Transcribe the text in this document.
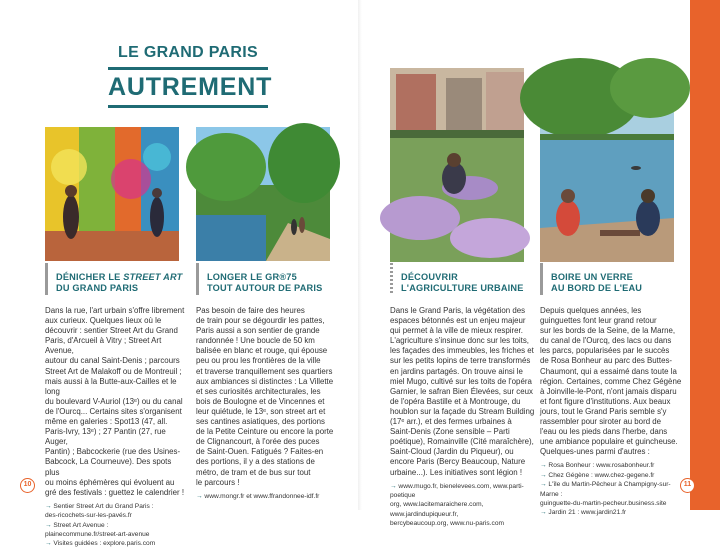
LE GRAND PARIS
AUTREMENT
DÉNICHER LE STREET ART
DU GRAND PARIS
LONGER LE GR®75
TOUT AUTOUR DE PARIS
DÉCOUVRIR
L'AGRICULTURE URBAINE
BOIRE UN VERRE
AU BORD DE L'EAU
Dans la rue, l'art urbain s'offre librement
aux curieux. Quelques lieux où le
découvrir : sentier Street Art du Grand
Paris, d'Arcueil à Vitry ; Street Art Avenue,
autour du canal Saint-Denis ; parcours
Street Art de Malakoff ou de Montreuil ;
mais aussi à la Butte-aux-Cailles et le long
du boulevard V-Auriol (13ᵉ) ou du canal
de l'Ourcq... Certains sites s'organisent
même en galeries : Spot13 (47, all.
Paris-Ivry, 13ᵉ) ; 27 Pantin (27, rue Auger,
Pantin) ; Babcockerie (rue des Usines-
Babcock, La Courneuve). Des spots plus
ou moins éphémères qui évoluent au
gré des festivals : guettez le calendrier !
→ Sentier Street Art du Grand Paris :
des-ricochets-sur-les-pavés.fr
→ Street Art Avenue :
plainecommune.fr/street-art-avenue
→ Visites guidées : explore.paris.com
Pas besoin de faire des heures
de train pour se dégourdir les pattes,
Paris aussi a son sentier de grande
randonnée ! Une boucle de 50 km
balisée en blanc et rouge, qui épouse
peu ou prou les frontières de la ville
et traverse tranquillement ses quartiers
aux ambiances si distinctes : La Villette
et ses curiosités architecturales, les
bois de Boulogne et de Vincennes et
leur quiétude, le 13ᵉ, son street art et
ses cantines asiatiques, des portions
de la Petite Ceinture ou encore la porte
de Clignancourt, à l'orée des puces
de Saint-Ouen. Fatigués ? Faites-en
des portions, il y a des stations de
métro, de tram et de bus sur tout
le parcours !
→ www.mongr.fr et www.ffrandonnee-idf.fr
Dans le Grand Paris, la végétation des
espaces bétonnés est un enjeu majeur
qui permet à la ville de mieux respirer.
L'agriculture s'insinue donc sur les toits,
les façades des immeubles, les friches et
sur les petits lopins de terre transformés
en jardins partagés. On trouve ainsi le
miel Mugo, cultivé sur les toits de l'opéra
Garnier, le safran Bien Élevées, sur ceux
de l'opéra Bastille et à Montrouge, du
houblon sur la façade du Stream Building
(17ᵉ arr.), et des fermes urbaines à
Saint-Denis (Zone sensible – Parti
poétique), Romainville (Cité maraîchère),
Saint-Cloud (Jardin du Piqueur), ou
encore Paris (Bercy Beaucoup, Nature
urbaine...). Les initiatives sont légion !
→ www.mugo.fr, bienelevees.com, www.parti-poetique
org, www.lacitemaraichere.com, www.jardindupiqueur.fr,
bercybeaucoup.org, www.nu-paris.com
Depuis quelques années, les
guinguettes font leur grand retour
sur les bords de la Seine, de la Marne,
du canal de l'Ourcq, des lacs ou dans
les parcs, popularisées par le succès
de Rosa Bonheur au parc des Buttes-
Chaumont, qui a essaimé dans toute la
région. Certaines, comme Chez Gégène
à Joinville-le-Pont, n'ont jamais disparu
et font figure d'institutions. Aux beaux
jours, tout le Grand Paris semble s'y
rassembler pour siroter au bord de
l'eau ou les pieds dans l'herbe, dans
une ambiance populaire et guincheuse.
Quelques-unes parmi d'autres :
→ Rosa Bonheur : www.rosabonheur.fr
→ Chez Gégène : www.chez-gegene.fr
→ L'île du Martin-Pêcheur à Champigny-sur-Marne :
guinguette-du-martin-pecheur.business.site
→ Jardin 21 : www.jardin21.fr
10	11
